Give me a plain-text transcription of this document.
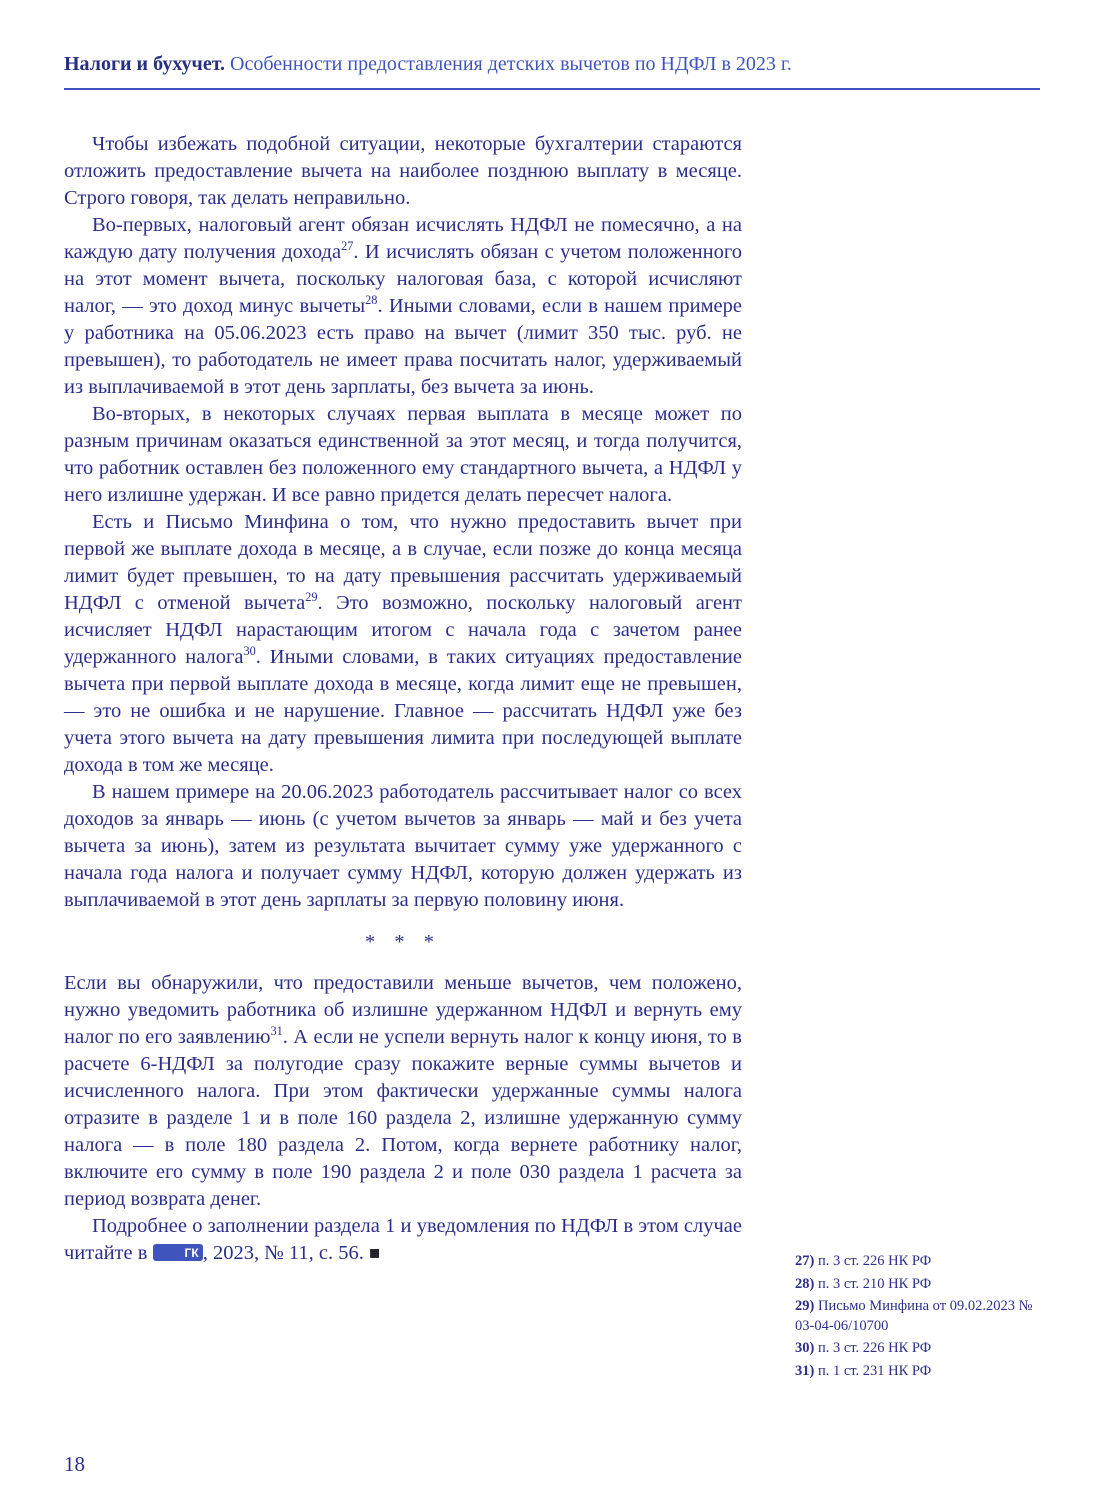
Налоги и бухучет. Особенности предоставления детских вычетов по НДФЛ в 2023 г.

Чтобы избежать подобной ситуации, некоторые бухгалтерии стараются отложить предоставление вычета на наиболее позднюю выплату в месяце. Строго говоря, так делать неправильно.

Во-первых, налоговый агент обязан исчислять НДФЛ не помесячно, а на каждую дату получения дохода$^{27}$. И исчислять обязан с учетом положенного на этот момент вычета, поскольку налоговая база, с которой исчисляют налог, — это доход минус вычеты$^{28}$. Иными словами, если в нашем примере у работника на 05.06.2023 есть право на вычет (лимит 350 тыс. руб. не превышен), то работодатель не имеет права посчитать налог, удерживаемый из выплачиваемой в этот день зарплаты, без вычета за июнь.

Во-вторых, в некоторых случаях первая выплата в месяце может по разным причинам оказаться единственной за этот месяц, и тогда получится, что работник оставлен без положенного ему стандартного вычета, а НДФЛ у него излишне удержан. И все равно придется делать пересчет налога.

Есть и Письмо Минфина о том, что нужно предоставить вычет при первой же выплате дохода в месяце, а в случае, если позже до конца месяца лимит будет превышен, то на дату превышения рассчитать удерживаемый НДФЛ с отменой вычета$^{29}$. Это возможно, поскольку налоговый агент исчисляет НДФЛ нарастающим итогом с начала года с зачетом ранее удержанного налога$^{30}$. Иными словами, в таких ситуациях предоставление вычета при первой выплате дохода в месяце, когда лимит еще не превышен, — это не ошибка и не нарушение. Главное — рассчитать НДФЛ уже без учета этого вычета на дату превышения лимита при последующей выплате дохода в том же месяце.

В нашем примере на 20.06.2023 работодатель рассчитывает налог со всех доходов за январь — июнь (с учетом вычетов за январь — май и без учета вычета за июнь), затем из результата вычитает сумму уже удержанного с начала года налога и получает сумму НДФЛ, которую должен удержать из выплачиваемой в этот день зарплаты за первую половину июня.

* * *

Если вы обнаружили, что предоставили меньше вычетов, чем положено, нужно уведомить работника об излишне удержанном НДФЛ и вернуть ему налог по его заявлению$^{31}$. А если не успели вернуть налог к концу июня, то в расчете 6-НДФЛ за полугодие сразу покажите верные суммы вычетов и исчисленного налога. При этом фактически удержанные суммы налога отразите в разделе 1 и в поле 160 раздела 2, излишне удержанную сумму налога — в поле 180 раздела 2. Потом, когда вернете работнику налог, включите его сумму в поле 190 раздела 2 и поле 030 раздела 1 расчета за период возврата денег.

Подробнее о заполнении раздела 1 и уведомления по НДФЛ в этом случае читайте в	ГК , 2023, № 11, с. 56. ■	27) п. 3 ст. 226 НК РФ
28) п. 3 ст. 210 НК РФ
29) Письмо Минфина от 09.02.2023 № 03-04-06/10700
30) п. 3 ст. 226 НК РФ
31) п. 1 ст. 231 НК РФ
18
